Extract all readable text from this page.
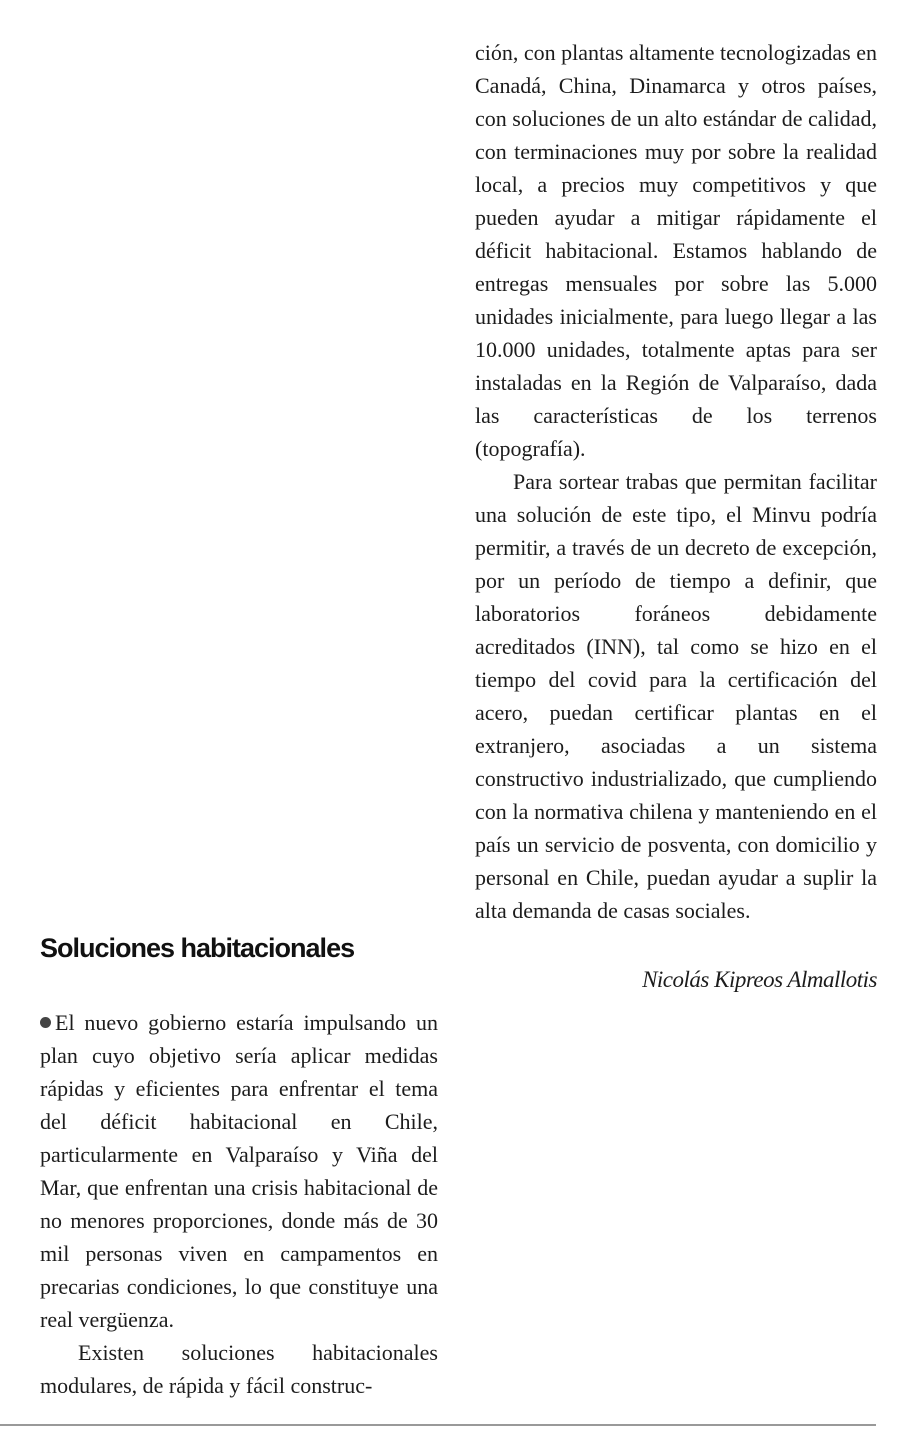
Soluciones habitacionales

El nuevo gobierno estaría impulsando un plan cuyo objetivo sería aplicar medidas rápidas y eficientes para enfrentar el tema del déficit habitacional en Chile, particularmente en Valparaíso y Viña del Mar, que enfrentan una crisis habitacional de no menores proporciones, donde más de 30 mil personas viven en campamentos en precarias condiciones, lo que constituye una real vergüenza.

Existen soluciones habitacionales modulares, de rápida y fácil construc-

ción, con plantas altamente tecnologizadas en Canadá, China, Dinamarca y otros países, con soluciones de un alto estándar de calidad, con terminaciones muy por sobre la realidad local, a precios muy competitivos y que pueden ayudar a mitigar rápidamente el déficit habitacional. Estamos hablando de entregas mensuales por sobre las 5.000 unidades inicialmente, para luego llegar a las 10.000 unidades, totalmente aptas para ser instaladas en la Región de Valparaíso, dada las características de los terrenos (topografía).

Para sortear trabas que permitan facilitar una solución de este tipo, el Minvu podría permitir, a través de un decreto de excepción, por un período de tiempo a definir, que laboratorios foráneos debidamente acreditados (INN), tal como se hizo en el tiempo del covid para la certificación del acero, puedan certificar plantas en el extranjero, asociadas a un sistema constructivo industrializado, que cumpliendo con la normativa chilena y manteniendo en el país un servicio de posventa, con domicilio y personal en Chile, puedan ayudar a suplir la alta demanda de casas sociales.

Nicolás Kipreos Almallotis
